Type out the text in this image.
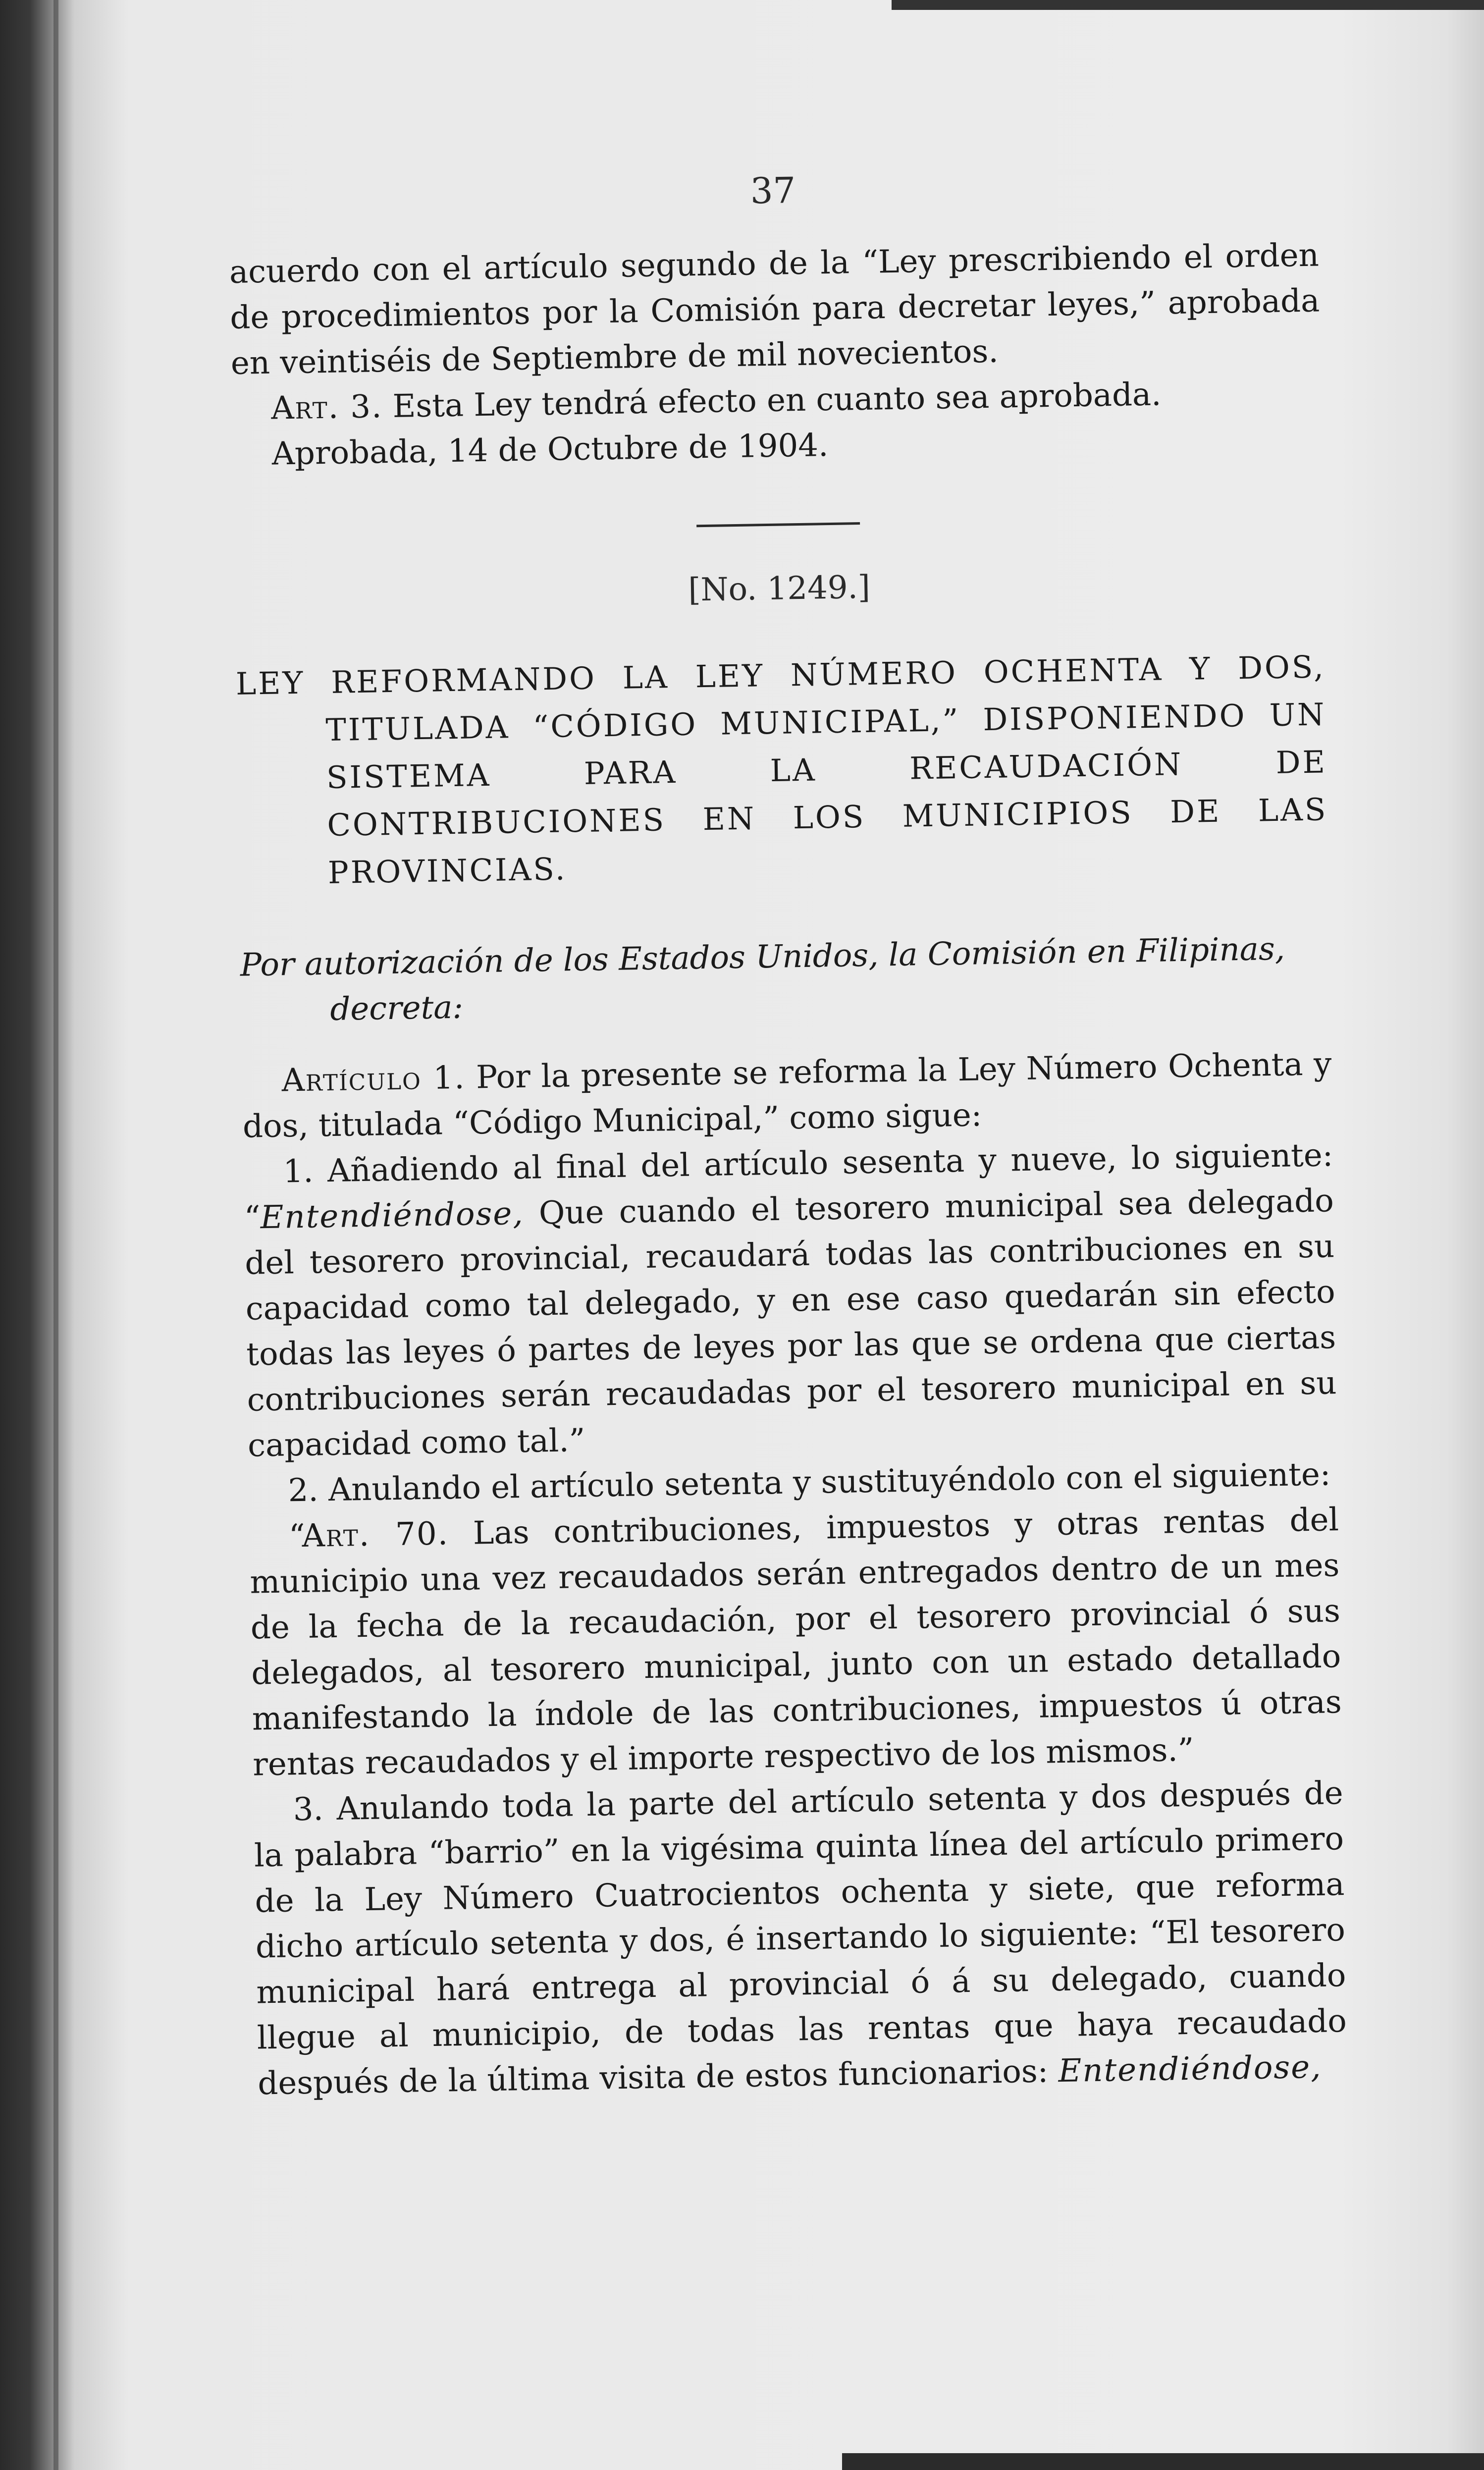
37

acuerdo con el artículo segundo de la “Ley prescribiendo el orden de procedimientos por la Comisión para decretar leyes,” aprobada en veintiséis de Septiembre de mil novecientos.

Art. 3. Esta Ley tendrá efecto en cuanto sea aprobada.

Aprobada, 14 de Octubre de 1904.

[No. 1249.]

LEY REFORMANDO LA LEY NÚMERO OCHENTA Y DOS, TITULADA “CÓDIGO MUNICIPAL,” DISPONIENDO UN SISTEMA PARA LA RECAUDACIÓN DE CONTRIBUCIONES EN LOS MUNICIPIOS DE LAS PROVINCIAS.

Por autorización de los Estados Unidos, la Comisión en Filipinas, decreta:

Artículo 1. Por la presente se reforma la Ley Número Ochenta y dos, titulada “Código Municipal,” como sigue:

1. Añadiendo al final del artículo sesenta y nueve, lo siguiente: “Entendiéndose, Que cuando el tesorero municipal sea delegado del tesorero provincial, recaudará todas las contribuciones en su capacidad como tal delegado, y en ese caso quedarán sin efecto todas las leyes ó partes de leyes por las que se ordena que ciertas contribuciones serán recaudadas por el tesorero municipal en su capacidad como tal.”

2. Anulando el artículo setenta y sustituyéndolo con el siguiente:

“Art. 70. Las contribuciones, impuestos y otras rentas del municipio una vez recaudados serán entregados dentro de un mes de la fecha de la recaudación, por el tesorero provincial ó sus delegados, al tesorero municipal, junto con un estado detallado manifestando la índole de las contribuciones, impuestos ú otras rentas recaudados y el importe respectivo de los mismos.”

3. Anulando toda la parte del artículo setenta y dos después de la palabra “barrio” en la vigésima quinta línea del artículo primero de la Ley Número Cuatrocientos ochenta y siete, que reforma dicho artículo setenta y dos, é insertando lo siguiente: “El tesorero municipal hará entrega al provincial ó á su delegado, cuando llegue al municipio, de todas las rentas que haya recaudado después de la última visita de estos funcionarios: Entendiéndose,
